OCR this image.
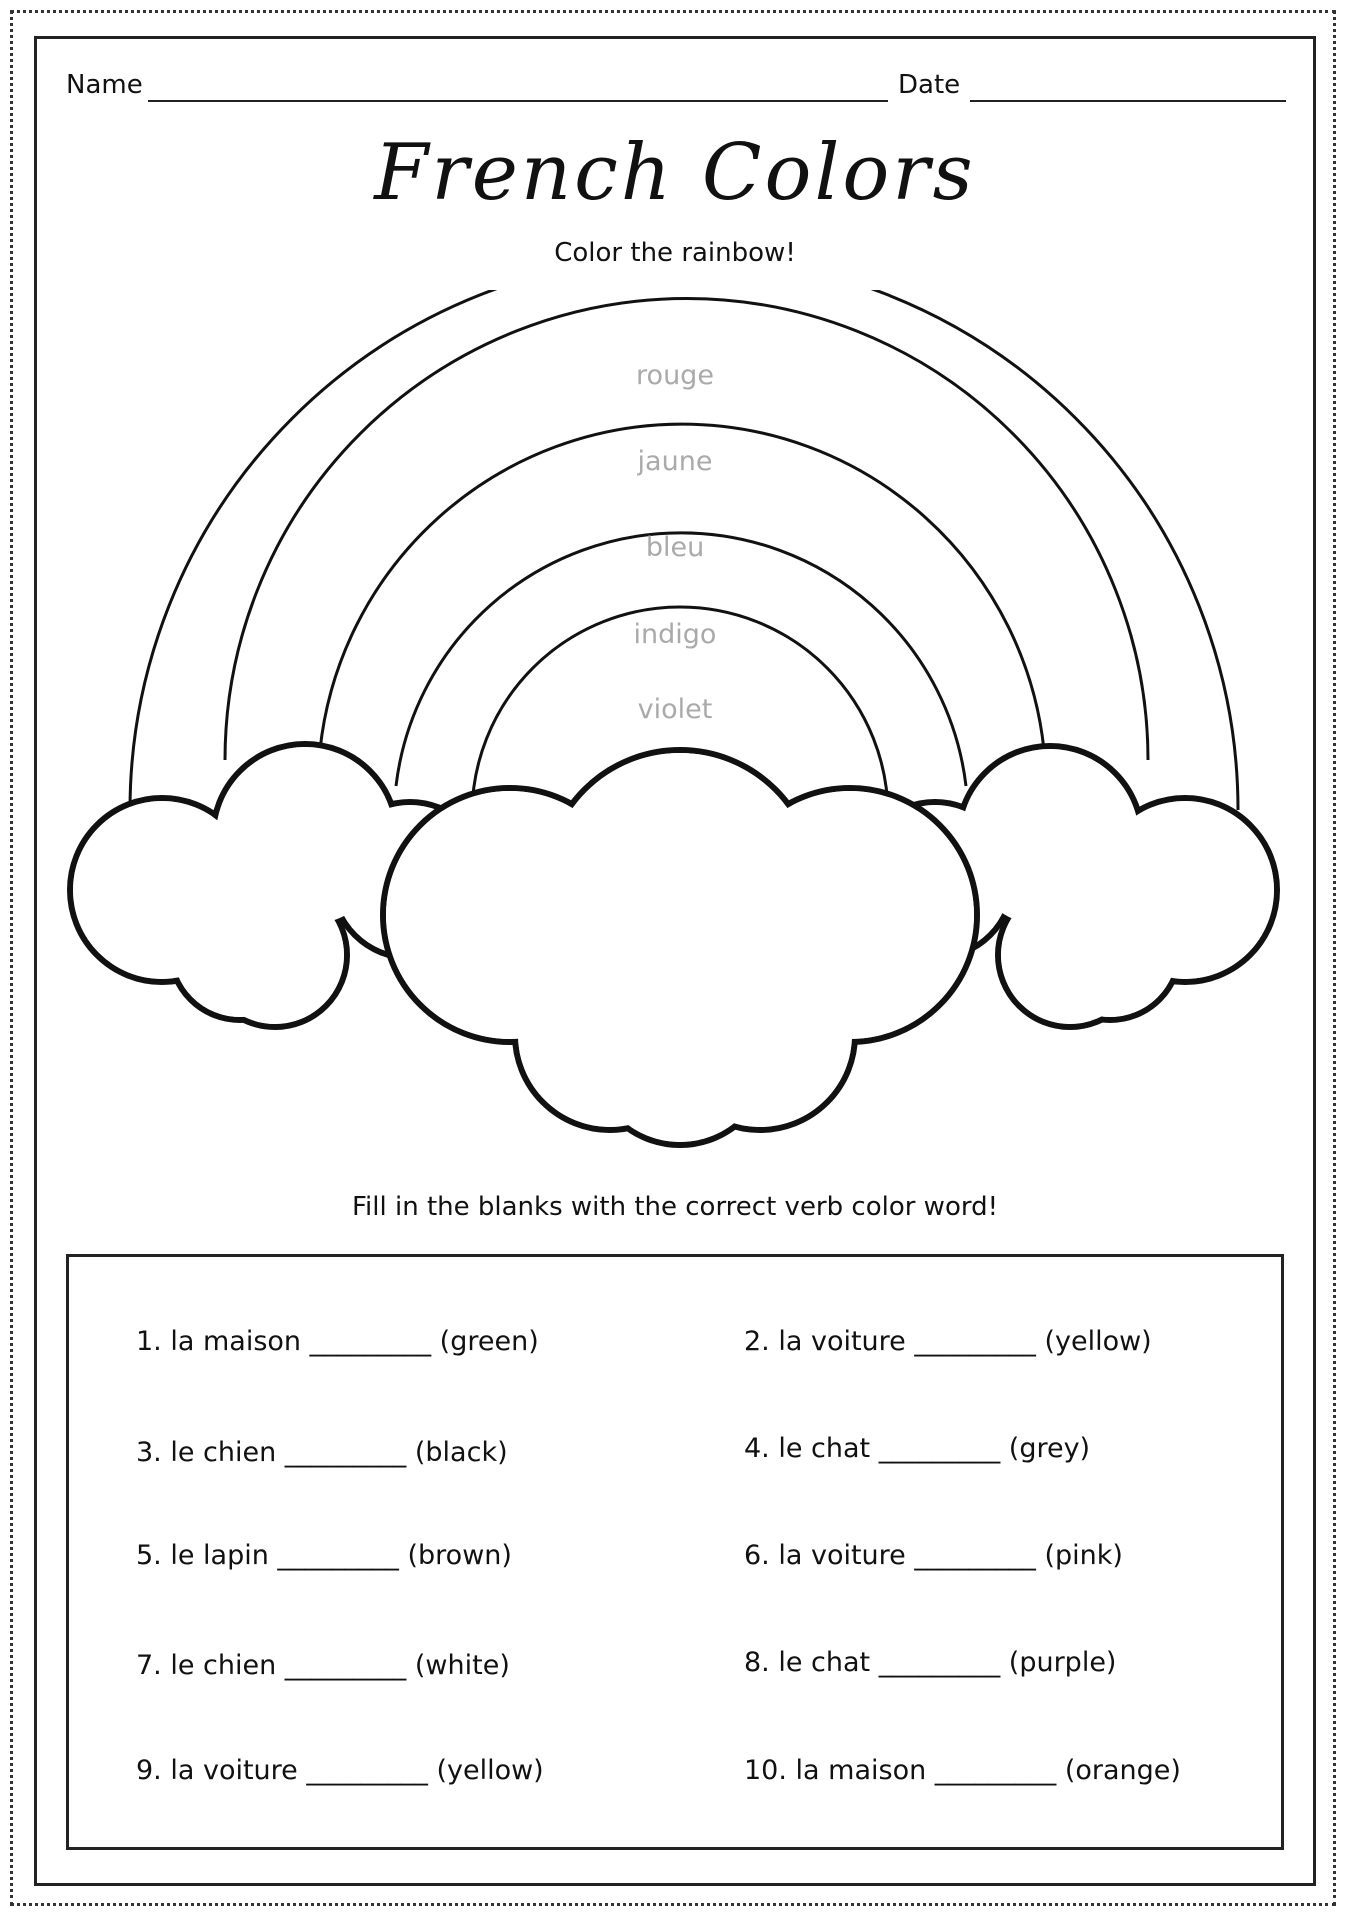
Name	Date
French Colors
Color the rainbow!
rouge
jaune
bleu
indigo
violet
Fill in the blanks with the correct verb color word!
1. la maison _________ (green)	2. la voiture _________ (yellow)
3. le chien _________ (black)	4. le chat _________ (grey)
5. le lapin _________ (brown)	6. la voiture _________ (pink)
7. le chien _________ (white)	8. le chat _________ (purple)
9. la voiture _________ (yellow)	10. la maison _________ (orange)
